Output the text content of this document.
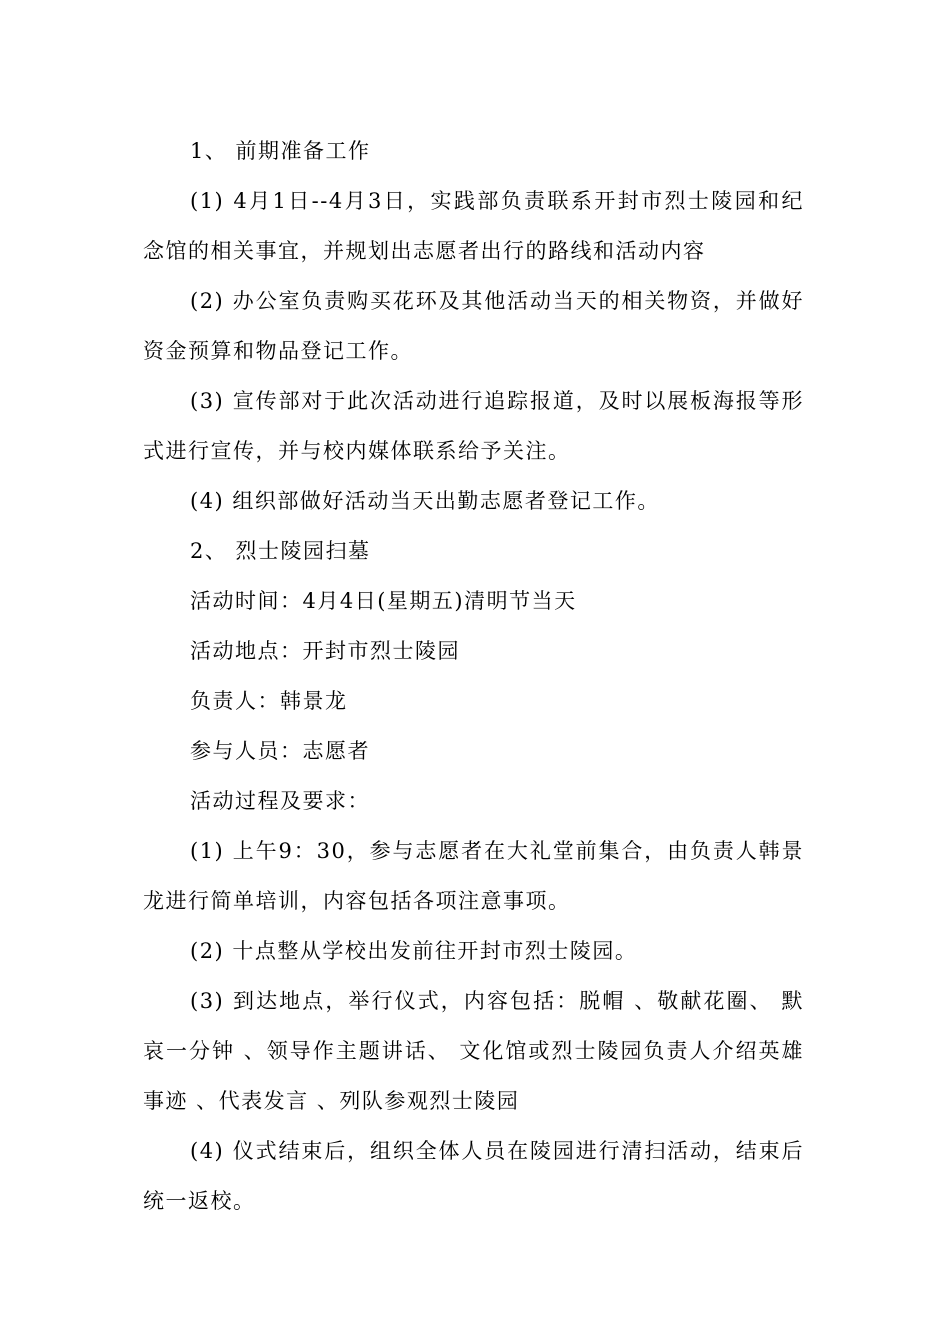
1、 前期准备工作
(1) 4月1日--4月3日，实践部负责联系开封市烈士陵园和纪
念馆的相关事宜，并规划出志愿者出行的路线和活动内容
(2) 办公室负责购买花环及其他活动当天的相关物资，并做好
资金预算和物品登记工作。
(3) 宣传部对于此次活动进行追踪报道，及时以展板海报等形
式进行宣传，并与校内媒体联系给予关注。
(4) 组织部做好活动当天出勤志愿者登记工作。
2、 烈士陵园扫墓
活动时间：4月4日(星期五)清明节当天
活动地点：开封市烈士陵园
负责人：韩景龙
参与人员：志愿者
活动过程及要求：
(1) 上午9：30，参与志愿者在大礼堂前集合，由负责人韩景
龙进行简单培训，内容包括各项注意事项。
(2) 十点整从学校出发前往开封市烈士陵园。
(3) 到达地点，举行仪式，内容包括：脱帽 、敬献花圈、 默
哀一分钟 、领导作主题讲话、 文化馆或烈士陵园负责人介绍英雄
事迹 、代表发言 、列队参观烈士陵园
(4) 仪式结束后，组织全体人员在陵园进行清扫活动，结束后
统一返校。
